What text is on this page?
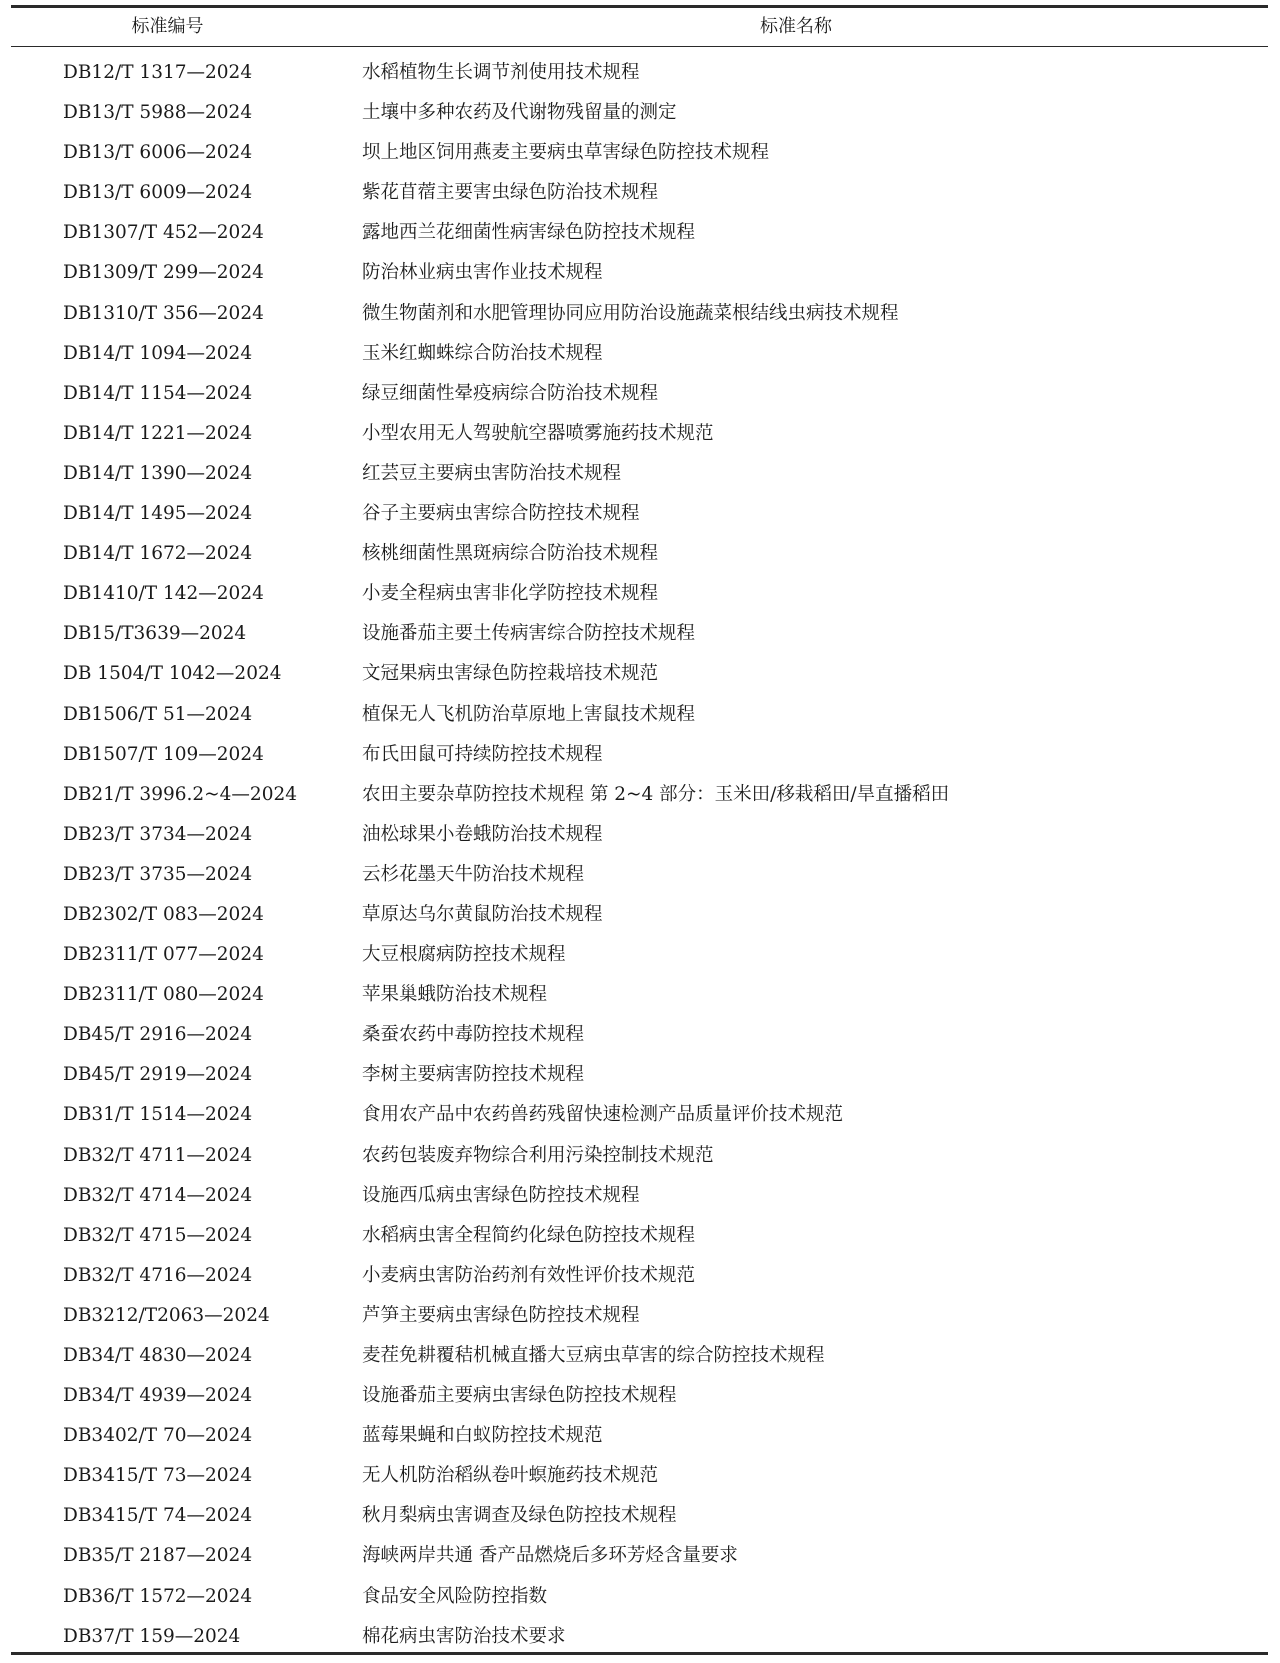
标准编号	标准名称
DB12/T 1317—2024	水稻植物生长调节剂使用技术规程
DB13/T 5988—2024	土壤中多种农药及代谢物残留量的测定
DB13/T 6006—2024	坝上地区饲用燕麦主要病虫草害绿色防控技术规程
DB13/T 6009—2024	紫花苜蓿主要害虫绿色防治技术规程
DB1307/T 452—2024	露地西兰花细菌性病害绿色防控技术规程
DB1309/T 299—2024	防治林业病虫害作业技术规程
DB1310/T 356—2024	微生物菌剂和水肥管理协同应用防治设施蔬菜根结线虫病技术规程
DB14/T 1094—2024	玉米红蜘蛛综合防治技术规程
DB14/T 1154—2024	绿豆细菌性晕疫病综合防治技术规程
DB14/T 1221—2024	小型农用无人驾驶航空器喷雾施药技术规范
DB14/T 1390—2024	红芸豆主要病虫害防治技术规程
DB14/T 1495—2024	谷子主要病虫害综合防控技术规程
DB14/T 1672—2024	核桃细菌性黑斑病综合防治技术规程
DB1410/T 142—2024	小麦全程病虫害非化学防控技术规程
DB15/T3639—2024	设施番茄主要土传病害综合防控技术规程
DB 1504/T 1042—2024	文冠果病虫害绿色防控栽培技术规范
DB1506/T 51—2024	植保无人飞机防治草原地上害鼠技术规程
DB1507/T 109—2024	布氏田鼠可持续防控技术规程
DB21/T 3996.2~4—2024	农田主要杂草防控技术规程 第 2~4 部分：玉米田/移栽稻田/旱直播稻田
DB23/T 3734—2024	油松球果小卷蛾防治技术规程
DB23/T 3735—2024	云杉花墨天牛防治技术规程
DB2302/T 083—2024	草原达乌尔黄鼠防治技术规程
DB2311/T 077—2024	大豆根腐病防控技术规程
DB2311/T 080—2024	苹果巢蛾防治技术规程
DB45/T 2916—2024	桑蚕农药中毒防控技术规程
DB45/T 2919—2024	李树主要病害防控技术规程
DB31/T 1514—2024	食用农产品中农药兽药残留快速检测产品质量评价技术规范
DB32/T 4711—2024	农药包装废弃物综合利用污染控制技术规范
DB32/T 4714—2024	设施西瓜病虫害绿色防控技术规程
DB32/T 4715—2024	水稻病虫害全程简约化绿色防控技术规程
DB32/T 4716—2024	小麦病虫害防治药剂有效性评价技术规范
DB3212/T2063—2024	芦笋主要病虫害绿色防控技术规程
DB34/T 4830—2024	麦茬免耕覆秸机械直播大豆病虫草害的综合防控技术规程
DB34/T 4939—2024	设施番茄主要病虫害绿色防控技术规程
DB3402/T 70—2024	蓝莓果蝇和白蚁防控技术规范
DB3415/T 73—2024	无人机防治稻纵卷叶螟施药技术规范
DB3415/T 74—2024	秋月梨病虫害调查及绿色防控技术规程
DB35/T 2187—2024	海峡两岸共通 香产品燃烧后多环芳烃含量要求
DB36/T 1572—2024	食品安全风险防控指数
DB37/T 159—2024	棉花病虫害防治技术要求
